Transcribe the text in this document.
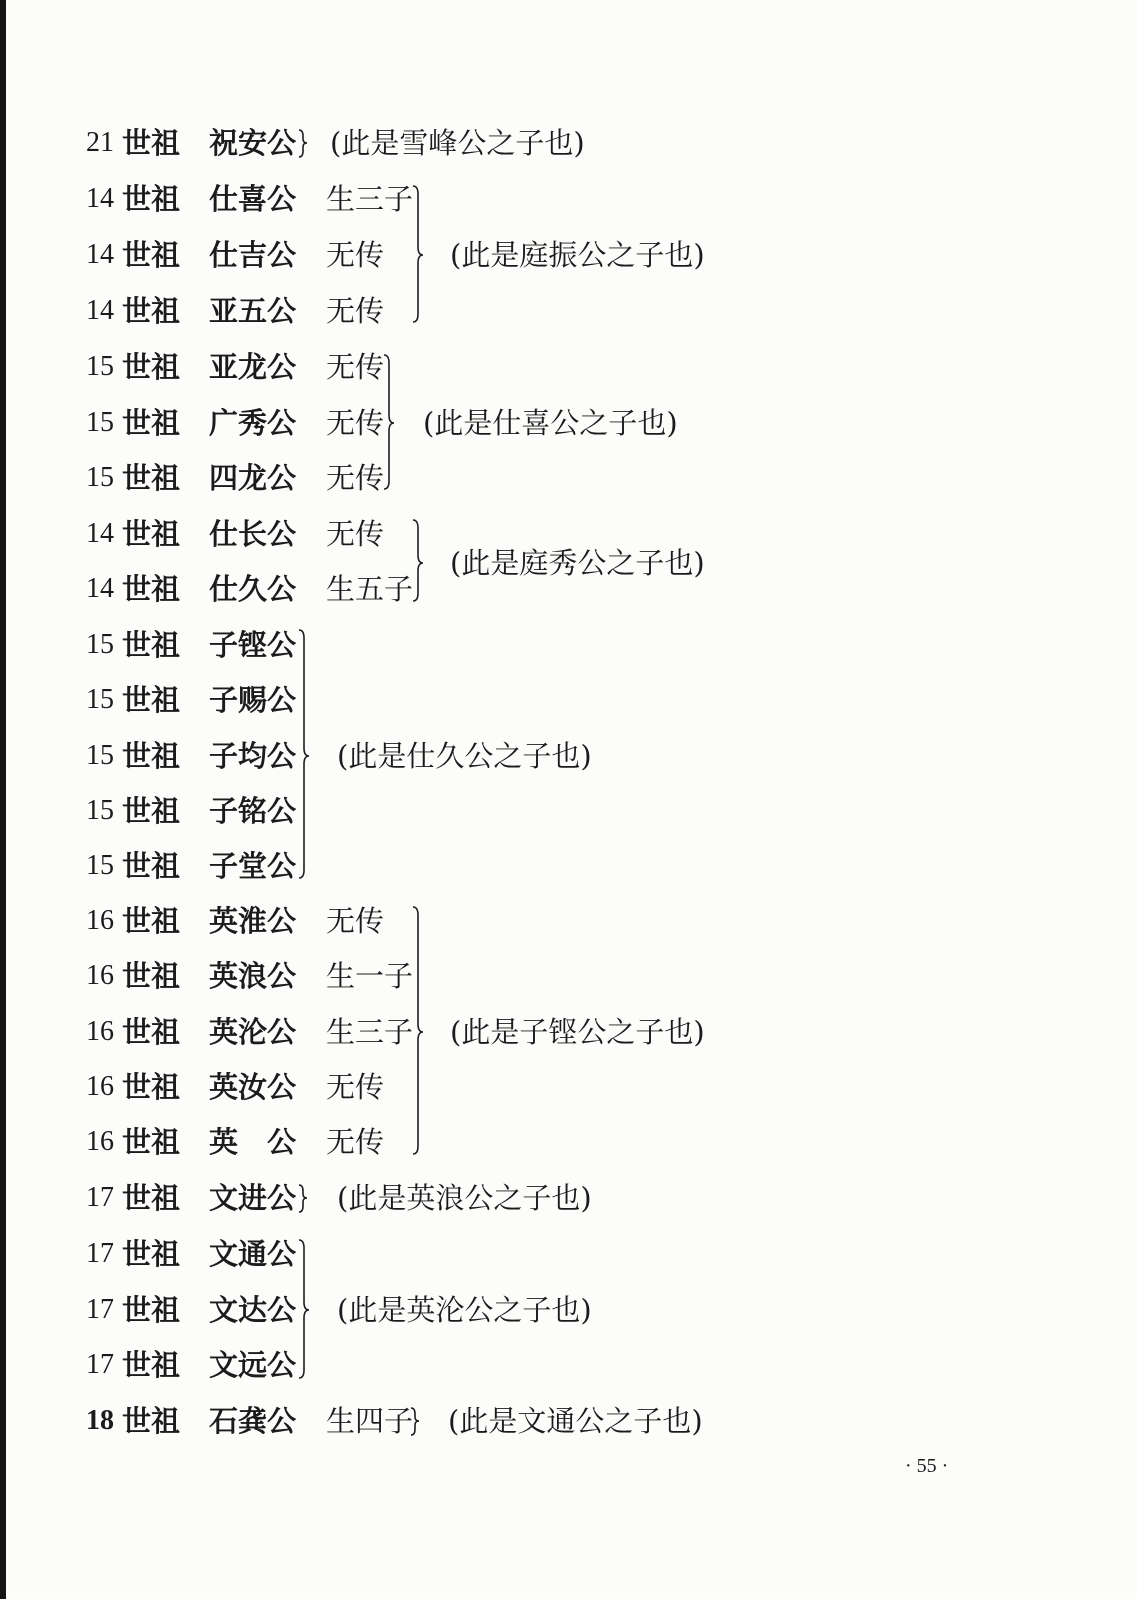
21 世祖 祝安公
14 世祖 仕喜公 生三子
14 世祖 仕吉公 无传
14 世祖 亚五公 无传
15 世祖 亚龙公 无传
15 世祖 广秀公 无传
15 世祖 四龙公 无传
14 世祖 仕长公 无传
14 世祖 仕久公 生五子
15 世祖 子铿公
15 世祖 子赐公
15 世祖 子均公
15 世祖 子铭公
15 世祖 子堂公
16 世祖 英淮公 无传
16 世祖 英浪公 生一子
16 世祖 英沦公 生三子
16 世祖 英汝公 无传
16 世祖 英　公 无传
17 世祖 文进公
17 世祖 文通公
17 世祖 文达公
17 世祖 文远公
18 世祖 石龚公 生四子
(此是雪峰公之子也)
(此是庭振公之子也)
(此是仕喜公之子也)
(此是庭秀公之子也)
(此是仕久公之子也)
(此是子铿公之子也)
(此是英浪公之子也)
(此是英沦公之子也)
(此是文通公之子也)
· 55 ·
